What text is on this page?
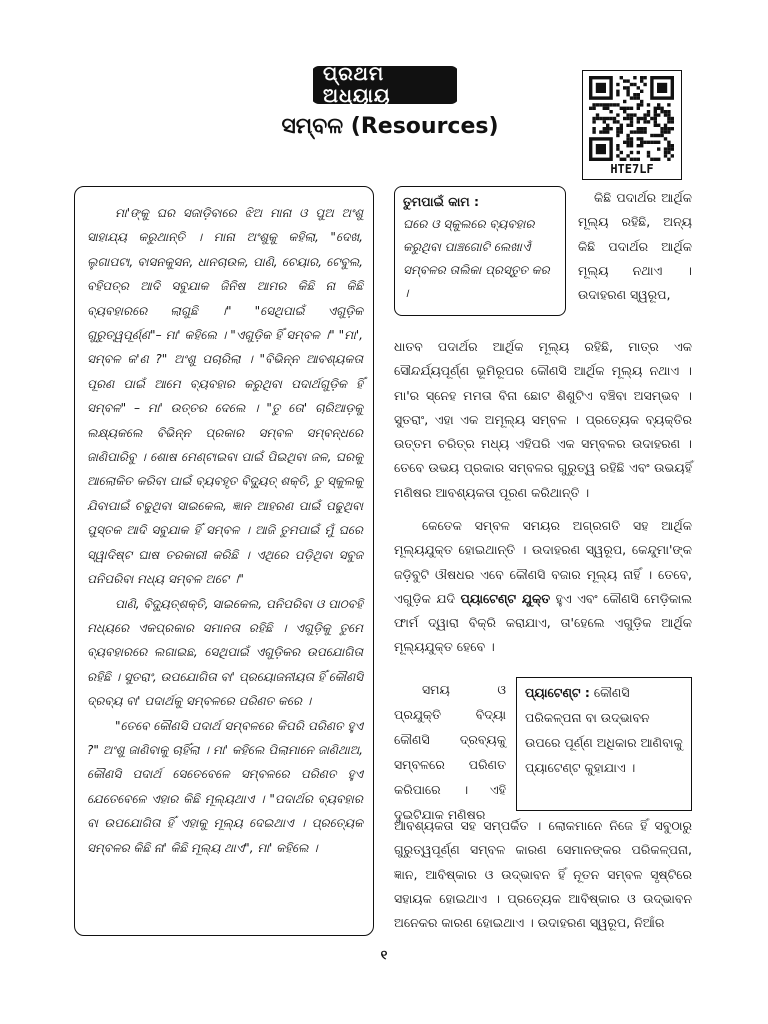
ପ୍ରଥମ ଅଧ୍ୟାୟ
ସମ୍ବଳ (Resources)
HTE7LF

ମା'ଙ୍କୁ ଘର ସଜାଡ଼ିବାରେ ଝିଅ ମାନା ଓ ପୁଅ ଅଂଶୁ ସାହାଯ୍ୟ କରୁଥାନ୍ତି । ମାନା ଅଂଶୁକୁ କହିଲା, "ଦେଖ, ଲୁଗାପଟା, ବାସନକୁସନ, ଧାନଚାଉଳ, ପାଣି, ଚେୟାର, ଟେବୁଲ, ବହିପତ୍ର ଆଦି ସବୁଯାକ ଜିନିଷ ଆମର କିଛି ନା କିଛି ବ୍ୟବହାରରେ ଲାଗୁଛି ।" "ସେଥିପାଇଁ ଏଗୁଡ଼ିକ ଗୁରୁତ୍ୱପୂର୍ଣ୍ଣ"– ମା' କହିଲେ । "ଏଗୁଡ଼ିକ ହିଁ ସମ୍ବଳ ।" "ମା', ସମ୍ବଳ କ'ଣ ?" ଅଂଶୁ ପଚାରିଲା । "ବିଭିନ୍ନ ଆବଶ୍ୟକତା ପୂରଣ ପାଇଁ ଆମେ ବ୍ୟବହାର କରୁଥିବା ପଦାର୍ଥଗୁଡ଼ିକ ହିଁ ସମ୍ବଳ" – ମା' ଉତ୍ତର ଦେଲେ । "ତୁ ତୋ' ଚାରିଆଡ଼କୁ ଲକ୍ଷ୍ୟକଲେ ବିଭିନ୍ନ ପ୍ରକାର ସମ୍ବଳ ସମ୍ବନ୍ଧରେ ଜାଣିପାରିବୁ । ଶୋଷ ମେଣ୍ଟାଇବା ପାଇଁ ପିଇଥିବା ଜଳ, ଘରକୁ ଆଲୋକିତ କରିବା ପାଇଁ ବ୍ୟବହୃତ ବିଦ୍ୟୁତ୍ ଶକ୍ତି, ତୁ ସ୍କୁଲକୁ ଯିବାପାଇଁ ଚଢୁଥିବା ସାଇକେଲ, ଜ୍ଞାନ ଆହରଣ ପାଇଁ ପଢୁଥିବା ପୁସ୍ତକ ଆଦି ସବୁଯାକ ହିଁ ସମ୍ବଳ । ଆଜି ତୁମପାଇଁ ମୁଁ ଘରେ ସ୍ୱାଦିଷ୍ଟ ଘାଷ ତରକାରୀ କରିଛି । ଏଥିରେ ପଡ଼ିଥିବା ସବୁଜ ପନିପରିବା ମଧ୍ୟ ସମ୍ବଳ ଅଟେ ।"

ପାଣି, ବିଦ୍ୟୁତ୍‌ଶକ୍ତି, ସାଇକେଲ, ପନିପରିବା ଓ ପାଠବହି ମଧ୍ୟରେ ଏକପ୍ରକାର ସମାନତା ରହିଛି । ଏଗୁଡ଼ିକୁ ତୁମେ ବ୍ୟବହାରରେ ଲଗାଇଛ, ସେଥିପାଇଁ ଏଗୁଡ଼ିକର ଉପଯୋଗିତା ରହିଛି । ସୁତରାଂ, ଉପଯୋଗିତା ବା' ପ୍ରୟୋଜନୀୟତା ହିଁ କୌଣସି ଦ୍ରବ୍ୟ ବା' ପଦାର୍ଥକୁ ସମ୍ବଳରେ ପରିଣତ କରେ ।

"ତେବେ କୌଣସି ପଦାର୍ଥ ସମ୍ବଳରେ କିପରି ପରିଣତ ହୁଏ ?" ଅଂଶୁ ଜାଣିବାକୁ ଚାହିଁଲା । ମା' କହିଲେ ପିଲାମାନେ ଜାଣିଥାଅ, କୌଣସି ପଦାର୍ଥ ସେତେବେଳେ ସମ୍ବଳରେ ପରିଣତ ହୁଏ ଯେତେବେଳେ ଏହାର କିଛି ମୂଲ୍ୟଥାଏ । "ପଦାର୍ଥର ବ୍ୟବହାର ବା ଉପଯୋଗିତା ହିଁ ଏହାକୁ ମୂଲ୍ୟ ଦେଇଥାଏ । ପ୍ରତ୍ୟେକ ସମ୍ବଳର କିଛି ନା' କିଛି ମୂଲ୍ୟ ଥାଏ", ମା' କହିଲେ ।

ତୁମପାଇଁ କାମ :

ଘରେ ଓ ସ୍କୁଲରେ ବ୍ୟବହାର କରୁଥିବା ପାଞ୍ଚଗୋଟି ଲେଖାଏଁ ସମ୍ବଳର ତାଲିକା ପ୍ରସ୍ତୁତ କର ।

କିଛି ପଦାର୍ଥର ଆର୍ଥିକ ମୂଲ୍ୟ ରହିଛି, ଅନ୍ୟ କିଛି ପଦାର୍ଥର ଆର୍ଥିକ ମୂଲ୍ୟ ନଥାଏ । ଉଦାହରଣ ସ୍ୱରୂପ,

ଧାତବ ପଦାର୍ଥର ଆର୍ଥିକ ମୂଲ୍ୟ ରହିଛି, ମାତ୍ର ଏକ ସୌନ୍ଦର୍ଯ୍ୟପୂର୍ଣ୍ଣ ଭୂମିରୂପର କୌଣସି ଆର୍ଥିକ ମୂଲ୍ୟ ନଥାଏ । ମା'ର ସ୍ନେହ ମମତା ବିନା ଛୋଟ ଶିଶୁଟିଏ ବଞ୍ଚିବା ଅସମ୍ଭବ । ସୁତରାଂ, ଏହା ଏକ ଅମୂଲ୍ୟ ସମ୍ବଳ । ପ୍ରତ୍ୟେକ ବ୍ୟକ୍ତିର ଉତ୍ତମ ଚରିତ୍ର ମଧ୍ୟ ଏହିପରି ଏକ ସମ୍ବଳର ଉଦାହରଣ । ତେବେ ଉଭୟ ପ୍ରକାର ସମ୍ବଳର ଗୁରୁତ୍ୱ ରହିଛି ଏବଂ ଉଭୟହିଁ ମଣିଷର ଆବଶ୍ୟକତା ପୂରଣ କରିଥାନ୍ତି ।

କେତେକ ସମ୍ବଳ ସମୟର ଅଗ୍ରଗତି ସହ ଆର୍ଥିକ ମୂଲ୍ୟଯୁକ୍ତ ହୋଇଥାନ୍ତି । ଉଦାହରଣ ସ୍ୱରୂପ, କେନ୍ଦୁମା'ଙ୍କ ଜଡ଼ିବୁଟି ଔଷଧର ଏବେ କୌଣସି ବଜାର ମୂଲ୍ୟ ନାହିଁ । ତେବେ, ଏଗୁଡ଼ିକ ଯଦି ପ୍ୟାଟେଣ୍ଟ ଯୁକ୍ତ ହୁଏ ଏବଂ କୌଣସି ମେଡ଼ିକାଲ ଫାର୍ମ ଦ୍ୱାରା ବିକ୍ରି କରାଯାଏ, ତା'ହେଲେ ଏଗୁଡ଼ିକ ଆର୍ଥିକ ମୂଲ୍ୟଯୁକ୍ତ ହେବେ ।

ସମୟ ଓ ପ୍ରଯୁକ୍ତି ବିଦ୍ୟା କୌଣସି ଦ୍ରବ୍ୟକୁ ସମ୍ବଳରେ ପରିଣତ କରିପାରେ । ଏହି ଦୁଇଟିଯାକ ମଣିଷର

ଆବଶ୍ୟକତା ସହ ସମ୍ପର୍କିତ । ଲୋକମାନେ ନିଜେ ହିଁ ସବୁଠାରୁ ଗୁରୁତ୍ୱପୂର୍ଣ୍ଣ ସମ୍ବଳ କାରଣ ସେମାନଙ୍କର ପରିକଳ୍ପନା, ଜ୍ଞାନ, ଆବିଷ୍କାର ଓ ଉଦ୍ଭାବନ ହିଁ ନୂତନ ସମ୍ବଳ ସୃଷ୍ଟିରେ ସହାୟକ ହୋଇଥାଏ । ପ୍ରତ୍ୟେକ ଆବିଷ୍କାର ଓ ଉଦ୍ଭାବନ ଅନେକର କାରଣ ହୋଇଥାଏ । ଉଦାହରଣ ସ୍ୱରୂପ, ନିଆଁର

ପ୍ୟାଟେଣ୍ଟ : କୌଣସି ପରିକଳ୍ପନା ବା ଉଦ୍ଭାବନ ଉପରେ ପୂର୍ଣ୍ଣ ଅଧିକାର ଆଣିବାକୁ ପ୍ୟାଟେଣ୍ଟ କୁହାଯାଏ ।

୧
